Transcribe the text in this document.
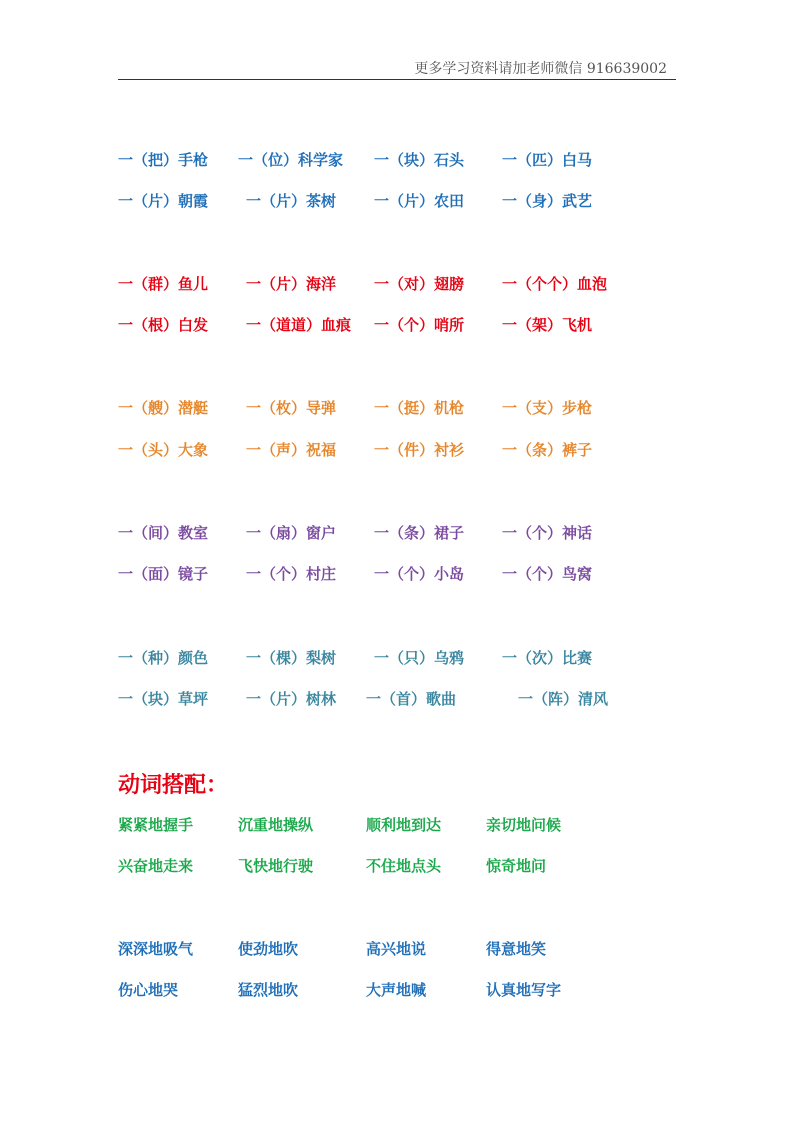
更多学习资料请加老师微信 916639002
一（把）手枪 一（位）科学家 一（块）石头	一（匹）白马
一（片）朝霞	一（片）茶树	一（片）农田	一（身）武艺
一（群）鱼儿	一（片）海洋	一（对）翅膀	一（个个）血泡
一（根）白发	一（道道）血痕 一（个）哨所	一（架）飞机
一（艘）潜艇	一（枚）导弹	一（挺）机枪	一（支）步枪
一（头）大象	一（声）祝福	一（件）衬衫	一（条）裤子
一（间）教室	一（扇）窗户	一（条）裙子	一（个）神话
一（面）镜子	一（个）村庄	一（个）小岛	一（个）鸟窝
一（种）颜色	一（棵）梨树	一（只）乌鸦	一（次）比赛
一（块）草坪	一（片）树林 一（首）歌曲	一（阵）清风
动词搭配：
紧紧地握手	沉重地操纵	顺利地到达	亲切地问候
兴奋地走来	飞快地行驶	不住地点头	惊奇地问
深深地吸气	使劲地吹	高兴地说	得意地笑
伤心地哭	猛烈地吹	大声地喊	认真地写字
